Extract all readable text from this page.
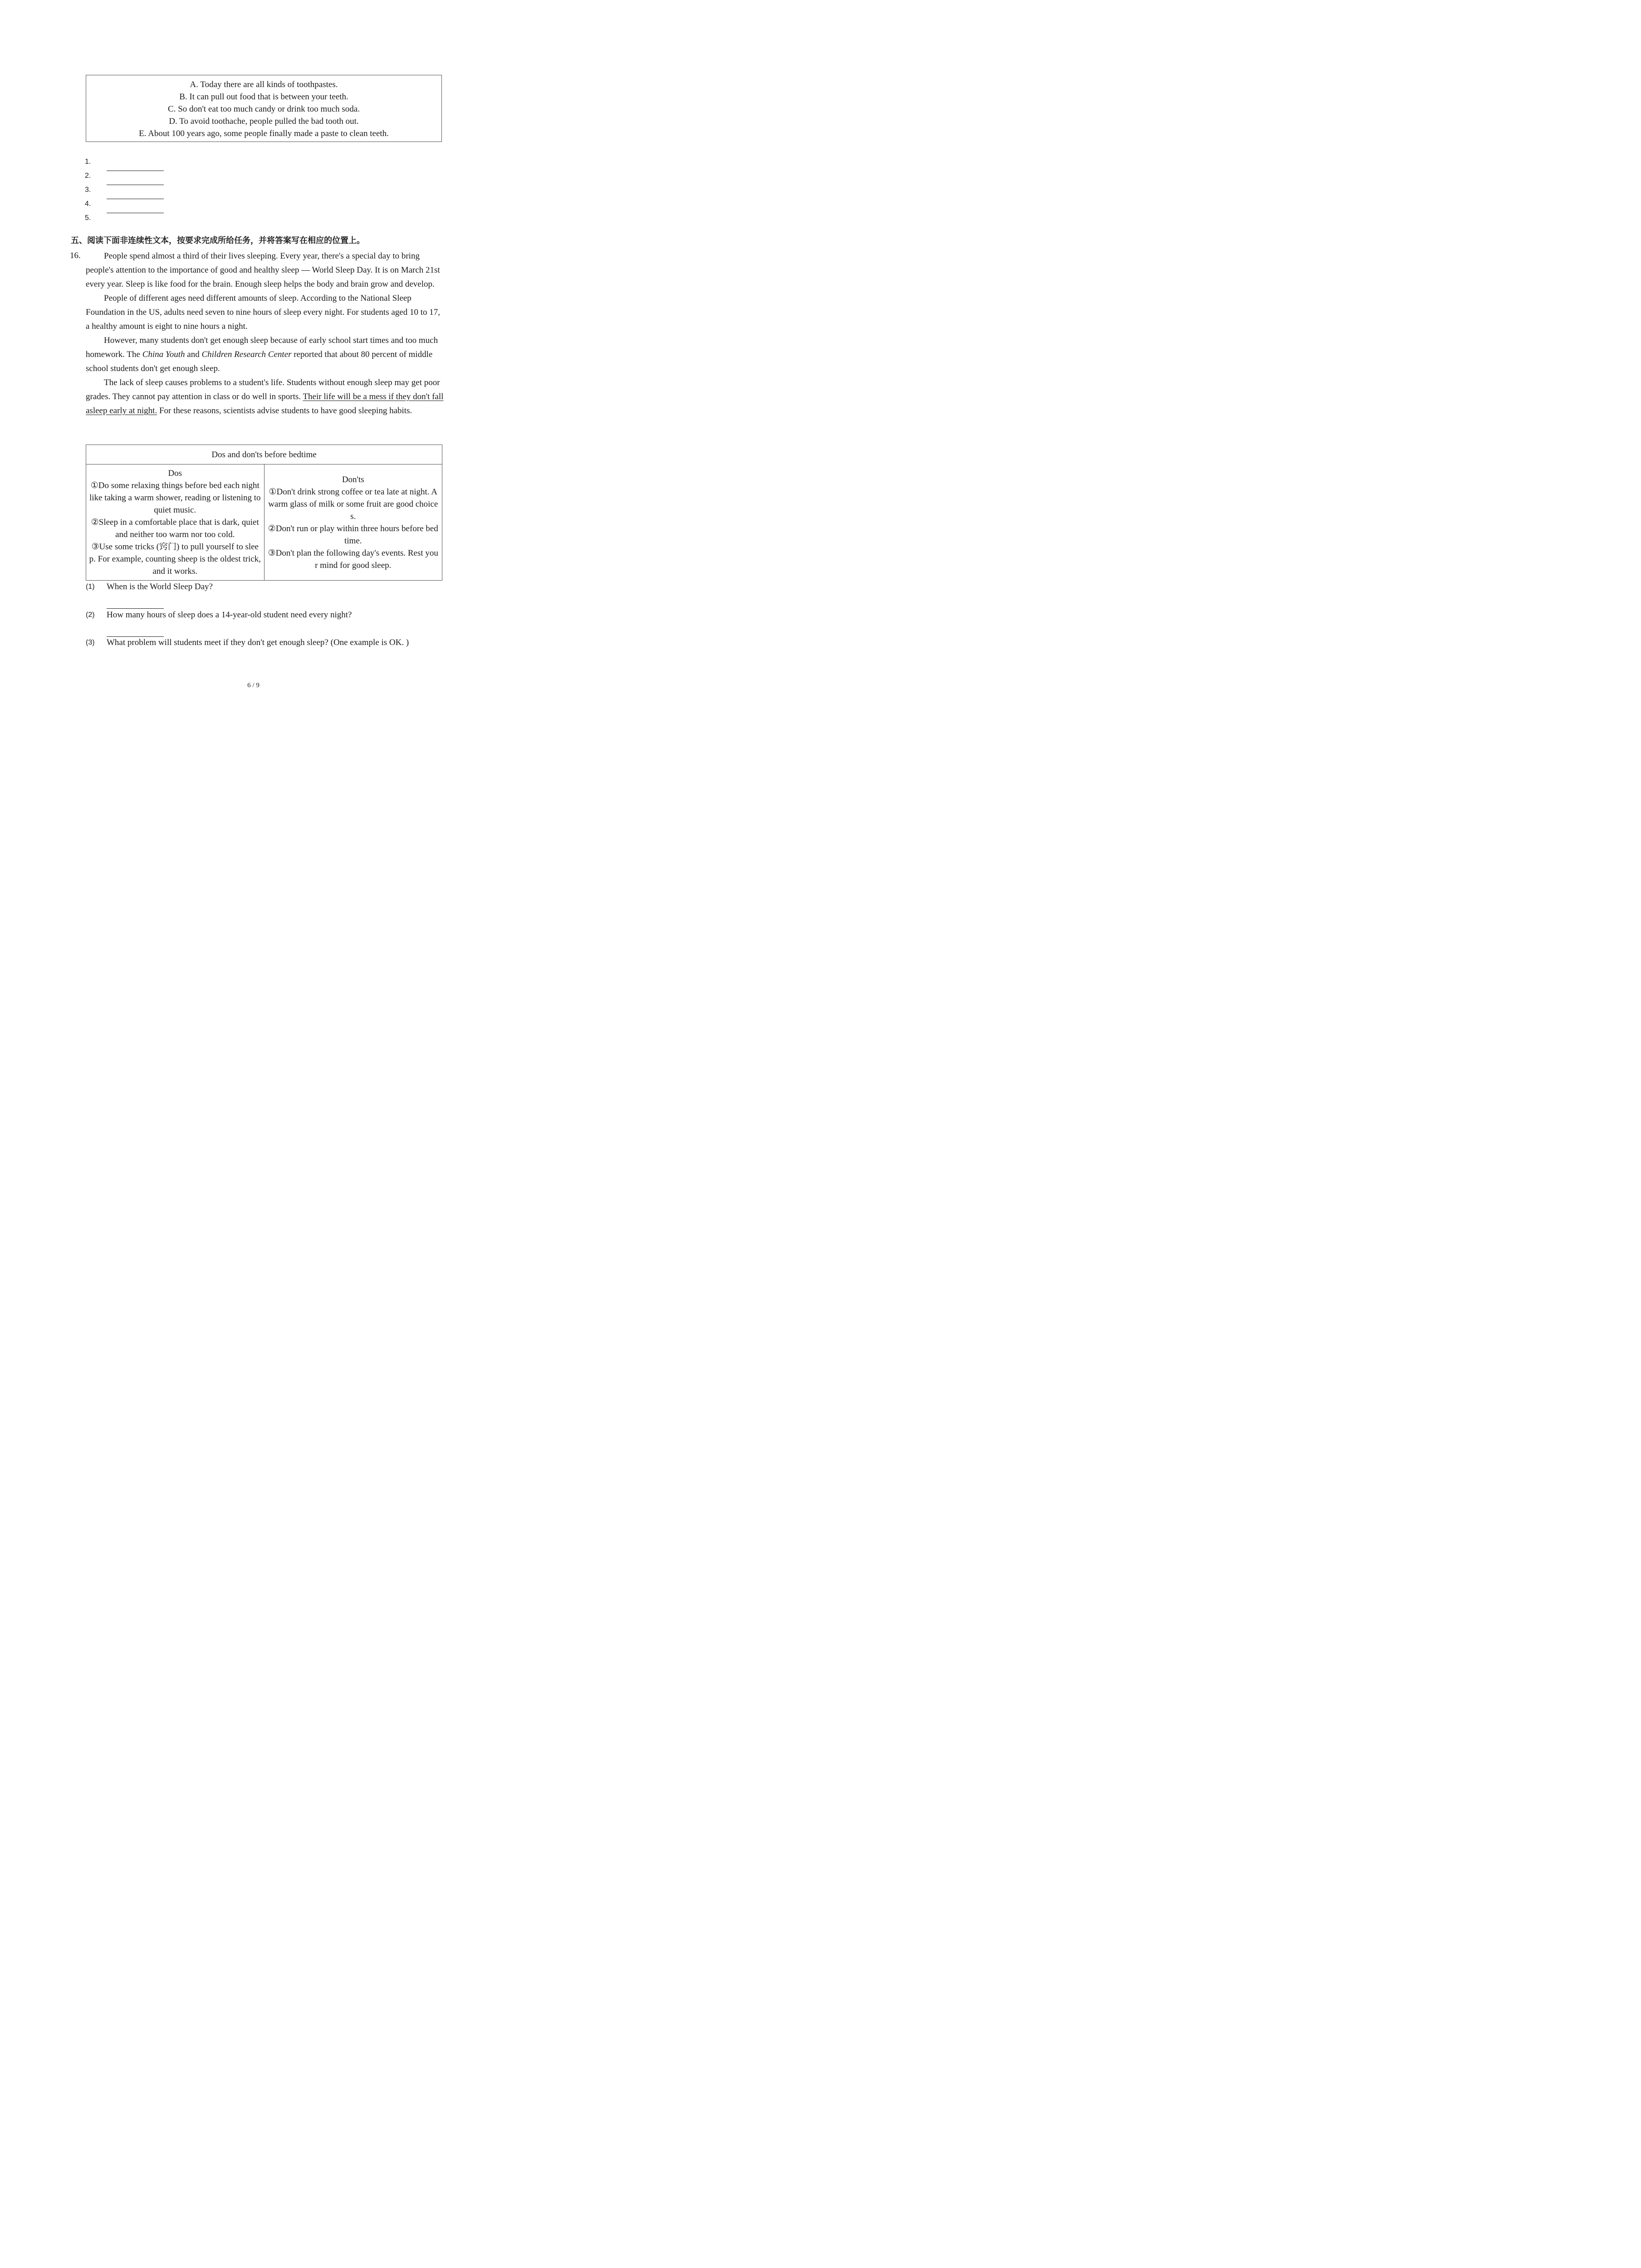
A. Today there are all kinds of toothpastes.
B. It can pull out food that is between your teeth.
C. So don't eat too much candy or drink too much soda.
D. To avoid toothache, people pulled the bad tooth out.
E. About 100 years ago, some people finally made a paste to clean teeth.
1.
2.
3.
4.
5.
五、阅读下面非连续性文本，按要求完成所给任务，并将答案写在相应的位置上。
16.	People spend almost a third of their lives sleeping. Every year, there's a special day to bring people's attention to the importance of good and healthy sleep — World Sleep Day. It is on March 21st every year. Sleep is like food for the brain. Enough sleep helps the body and brain grow and develop.

People of different ages need different amounts of sleep. According to the National Sleep Foundation in the US, adults need seven to nine hours of sleep every night. For students aged 10 to 17, a healthy amount is eight to nine hours a night.

However, many students don't get enough sleep because of early school start times and too much homework. The China Youth and Children Research Center reported that about 80 percent of middle school students don't get enough sleep.

The lack of sleep causes problems to a student's life. Students without enough sleep may get poor grades. They cannot pay attention in class or do well in sports. Their life will be a mess if they don't fall asleep early at night. For these reasons, scientists advise students to have good sleeping habits.

Dos and don'ts before bedtime

Dos
①Do some relaxing things before bed each night like taking a warm shower, reading or listening to quiet music.
②Sleep in a comfortable place that is dark, quiet and neither too warm nor too cold.
③Use some tricks (窍门) to pull yourself to sleep. For example, counting sheep is the oldest trick, and it works.

Don'ts
①Don't drink strong coffee or tea late at night. A warm glass of milk or some fruit are good choices.
②Don't run or play within three hours before bedtime.
③Don't plan the following day's events. Rest your mind for good sleep.
(1) When is the World Sleep Day?
(2) How many hours of sleep does a 14-year-old student need every night?
(3) What problem will students meet if they don't get enough sleep? (One example is OK. )
6 / 9
